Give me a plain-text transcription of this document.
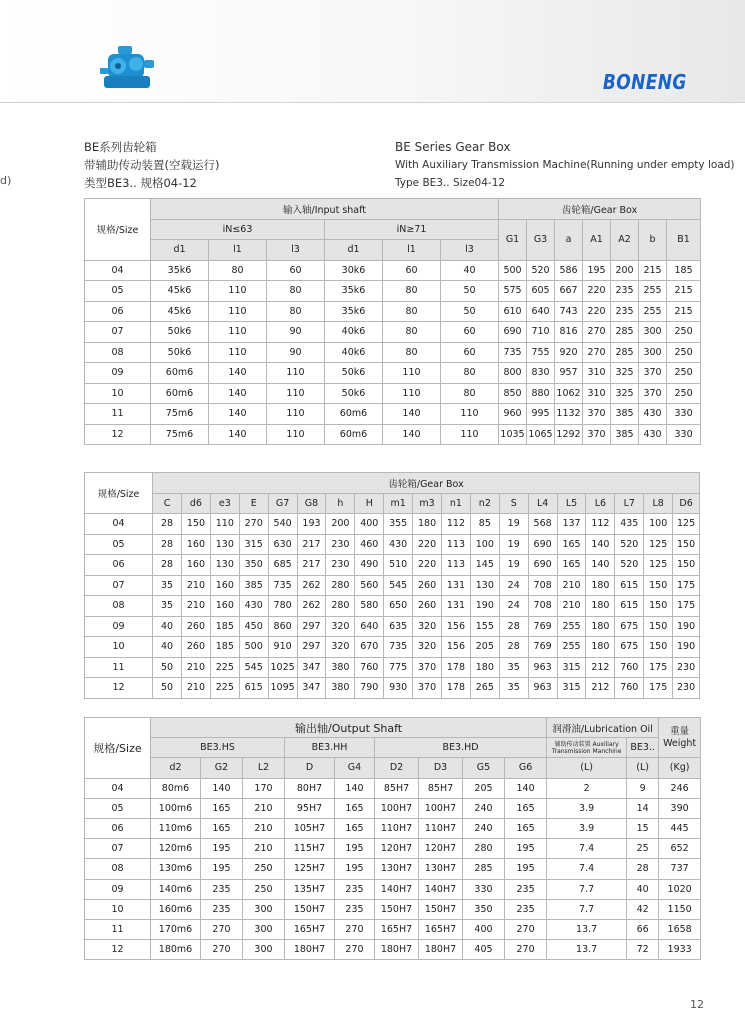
BONENG
d)
BE系列齿轮箱
带辅助传动装置(空载运行)
类型BE3.. 规格04-12
BE Series Gear Box
With Auxiliary Transmission Machine(Running under empty load)
Type BE3.. Size04-12
规格/Size	输入轴/Input shaft						齿轮箱/Gear Box						
	iN≤63			iN≥71			G1	G3	a	A1	A2	b	B1
	d1	l1	l3	d1	l1	l3							
04	35k6	80	60	30k6	60	40	500	520	586	195	200	215	185
05	45k6	110	80	35k6	80	50	575	605	667	220	235	255	215
06	45k6	110	80	35k6	80	50	610	640	743	220	235	255	215
07	50k6	110	90	40k6	80	60	690	710	816	270	285	300	250
08	50k6	110	90	40k6	80	60	735	755	920	270	285	300	250
09	60m6	140	110	50k6	110	80	800	830	957	310	325	370	250
10	60m6	140	110	50k6	110	80	850	880	1062	310	325	370	250
11	75m6	140	110	60m6	140	110	960	995	1132	370	385	430	330
12	75m6	140	110	60m6	140	110	1035	1065	1292	370	385	430	330
规格/Size	齿轮箱/Gear Box																		
	C	d6	e3	E	G7	G8	h	H	m1	m3	n1	n2	S	L4	L5	L6	L7	L8	D6
04	28	150	110	270	540	193	200	400	355	180	112	85	19	568	137	112	435	100	125
05	28	160	130	315	630	217	230	460	430	220	113	100	19	690	165	140	520	125	150
06	28	160	130	350	685	217	230	490	510	220	113	145	19	690	165	140	520	125	150
07	35	210	160	385	735	262	280	560	545	260	131	130	24	708	210	180	615	150	175
08	35	210	160	430	780	262	280	580	650	260	131	190	24	708	210	180	615	150	175
09	40	260	185	450	860	297	320	640	635	320	156	155	28	769	255	180	675	150	190
10	40	260	185	500	910	297	320	670	735	320	156	205	28	769	255	180	675	150	190
11	50	210	225	545	1025	347	380	760	775	370	178	180	35	963	315	212	760	175	230
12	50	210	225	615	1095	347	380	790	930	370	178	265	35	963	315	212	760	175	230
规格/Size	输出轴/Output Shaft									润滑油/Lubrication Oil		重量
Weight
	BE3.HS			BE3.HH		BE3.HD				辅助传动装置 Auxiliary Transmission Manchine	BE3..	
	d2	G2	L2	D	G4	D2	D3	G5	G6	(L)	(L)	(Kg)
04	80m6	140	170	80H7	140	85H7	85H7	205	140	2	9	246
05	100m6	165	210	95H7	165	100H7	100H7	240	165	3.9	14	390
06	110m6	165	210	105H7	165	110H7	110H7	240	165	3.9	15	445
07	120m6	195	210	115H7	195	120H7	120H7	280	195	7.4	25	652
08	130m6	195	250	125H7	195	130H7	130H7	285	195	7.4	28	737
09	140m6	235	250	135H7	235	140H7	140H7	330	235	7.7	40	1020
10	160m6	235	300	150H7	235	150H7	150H7	350	235	7.7	42	1150
11	170m6	270	300	165H7	270	165H7	165H7	400	270	13.7	66	1658
12	180m6	270	300	180H7	270	180H7	180H7	405	270	13.7	72	1933
12
